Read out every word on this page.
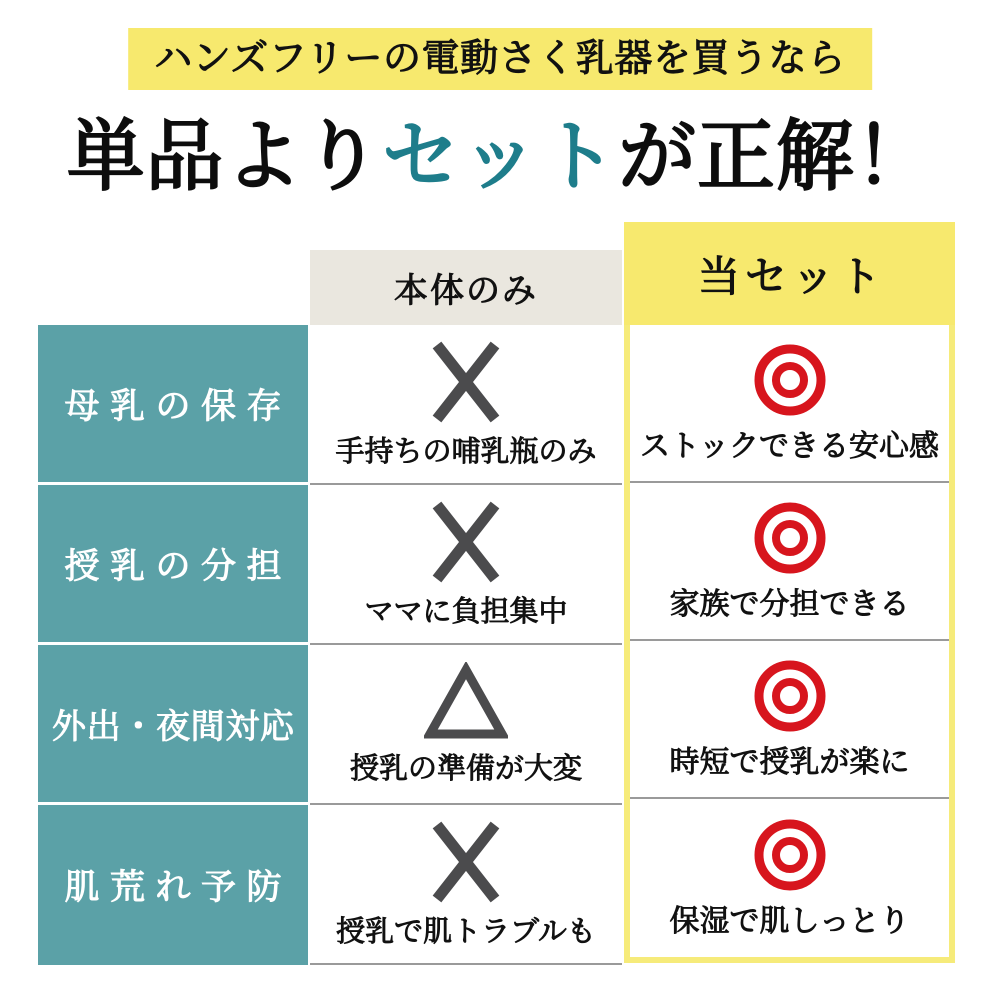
ハンズフリーの電動さく乳器を買うなら
単品よりセットが正解！
母乳の保存
授乳の分担
外出・夜間対応
肌荒れ予防
本体のみ
手持ちの哺乳瓶のみ
ママに負担集中
授乳の準備が大変
授乳で肌トラブルも
当セット
ストックできる安心感
家族で分担できる
時短で授乳が楽に
保湿で肌しっとり
